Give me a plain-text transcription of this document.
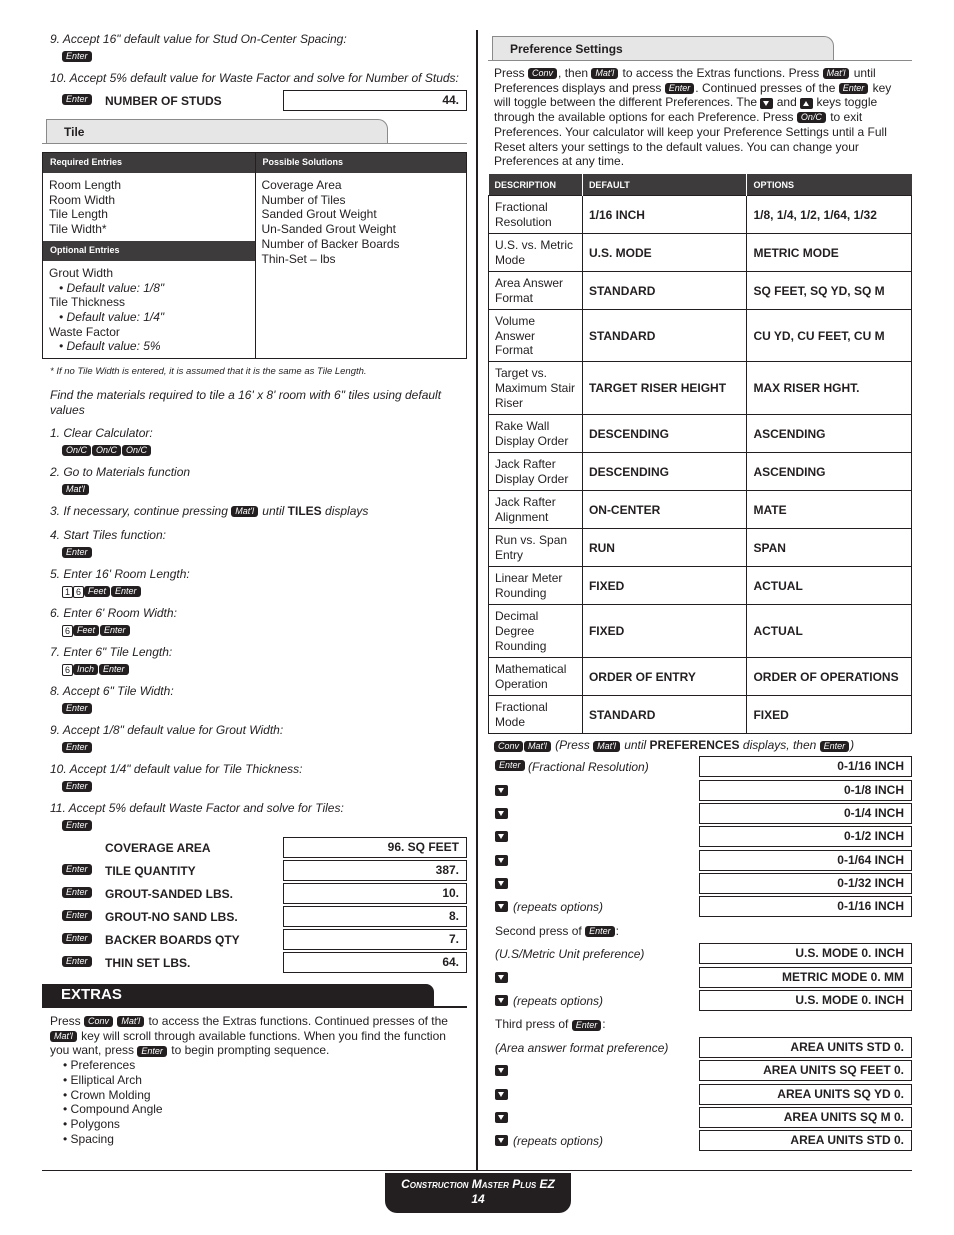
9. Accept 16" default value for Stud On-Center Spacing:
Enter
10. Accept 5% default value for Waste Factor and solve for Number of Studs:
Enter	NUMBER OF STUDS	44.
Tile
Required Entries
Room Length
Room Width
Tile Length
Tile Width*
Optional Entries
Grout Width
• Default value: 1/8"
Tile Thickness
• Default value: 1/4"
Waste Factor
• Default value: 5%
Possible Solutions
Coverage Area
Number of Tiles
Sanded Grout Weight
Un-Sanded Grout Weight
Number of Backer Boards
Thin-Set – lbs
* If no Tile Width is entered, it is assumed that it is the same as Tile Length.
Find the materials required to tile a 16' x 8' room with 6" tiles using default values
1. Clear Calculator:
On/C On/C On/C
2. Go to Materials function
Mat'l
3. If necessary, continue pressing Mat'l until TILES displays
4. Start Tiles function:
Enter
5. Enter 16' Room Length:
1 6 Feet Enter
6. Enter 6' Room Width:
6 Feet Enter
7. Enter 6" Tile Length:
6 Inch Enter
8. Accept 6" Tile Width:
Enter
9. Accept 1/8" default value for Grout Width:
Enter
10. Accept 1/4" default value for Tile Thickness:
Enter
11. Accept 5% default Waste Factor and solve for Tiles:
Enter
COVERAGE AREA	96. SQ FEET
Enter	TILE QUANTITY	387.
Enter	GROUT-SANDED LBS.	10.
Enter	GROUT-NO SAND LBS.	8.
Enter	BACKER BOARDS QTY	7.
Enter	THIN SET LBS.	64.
EXTRAS
Press Conv Mat'l to access the Extras functions. Continued presses of the Mat'l key will scroll through available functions. When you find the function you want, press Enter to begin prompting sequence.
• Preferences
• Elliptical Arch
• Crown Molding
• Compound Angle
• Polygons
• Spacing
Preference Settings
Press Conv , then Mat'l to access the Extras functions. Press Mat'l until Preferences displays and press Enter . Continued presses of the Enter key will toggle between the different Preferences. The and keys toggle through the available options for each Preference. Press On/C to exit Preferences. Your calculator will keep your Preference Settings until a Full Reset alters your settings to the default values. You can change your Preferences at any time.
DESCRIPTION	DEFAULT	OPTIONS
Fractional Resolution	1/16 INCH	1/8, 1/4, 1/2, 1/64, 1/32
U.S. vs. Metric Mode	U.S. MODE	METRIC MODE
Area Answer Format	STANDARD	SQ FEET, SQ YD, SQ M
Volume Answer Format	STANDARD	CU YD, CU FEET, CU M
Target vs. Maximum Stair Riser	TARGET RISER HEIGHT	MAX RISER HGHT.
Rake Wall Display Order	DESCENDING	ASCENDING
Jack Rafter Display Order	DESCENDING	ASCENDING
Jack Rafter Alignment	ON-CENTER	MATE
Run vs. Span Entry	RUN	SPAN
Linear Meter Rounding	FIXED	ACTUAL
Decimal Degree Rounding	FIXED	ACTUAL
Mathematical Operation	ORDER OF ENTRY	ORDER OF OPERATIONS
Fractional Mode	STANDARD	FIXED
Conv Mat'l (Press Mat'l until PREFERENCES displays, then Enter )
Enter (Fractional Resolution)	0-1/16 INCH
0-1/8 INCH
0-1/4 INCH
0-1/2 INCH
0-1/64 INCH
0-1/32 INCH
(repeats options)	0-1/16 INCH
Second press of Enter :
(U.S/Metric Unit preference)	U.S. MODE 0. INCH
METRIC MODE 0. MM
(repeats options)	U.S. MODE 0. INCH
Third press of Enter :
(Area answer format preference)	AREA UNITS STD 0.
AREA UNITS SQ FEET 0.
AREA UNITS SQ YD 0.
AREA UNITS SQ M 0.
(repeats options)	AREA UNITS STD 0.
Construction Master Plus EZ
14
